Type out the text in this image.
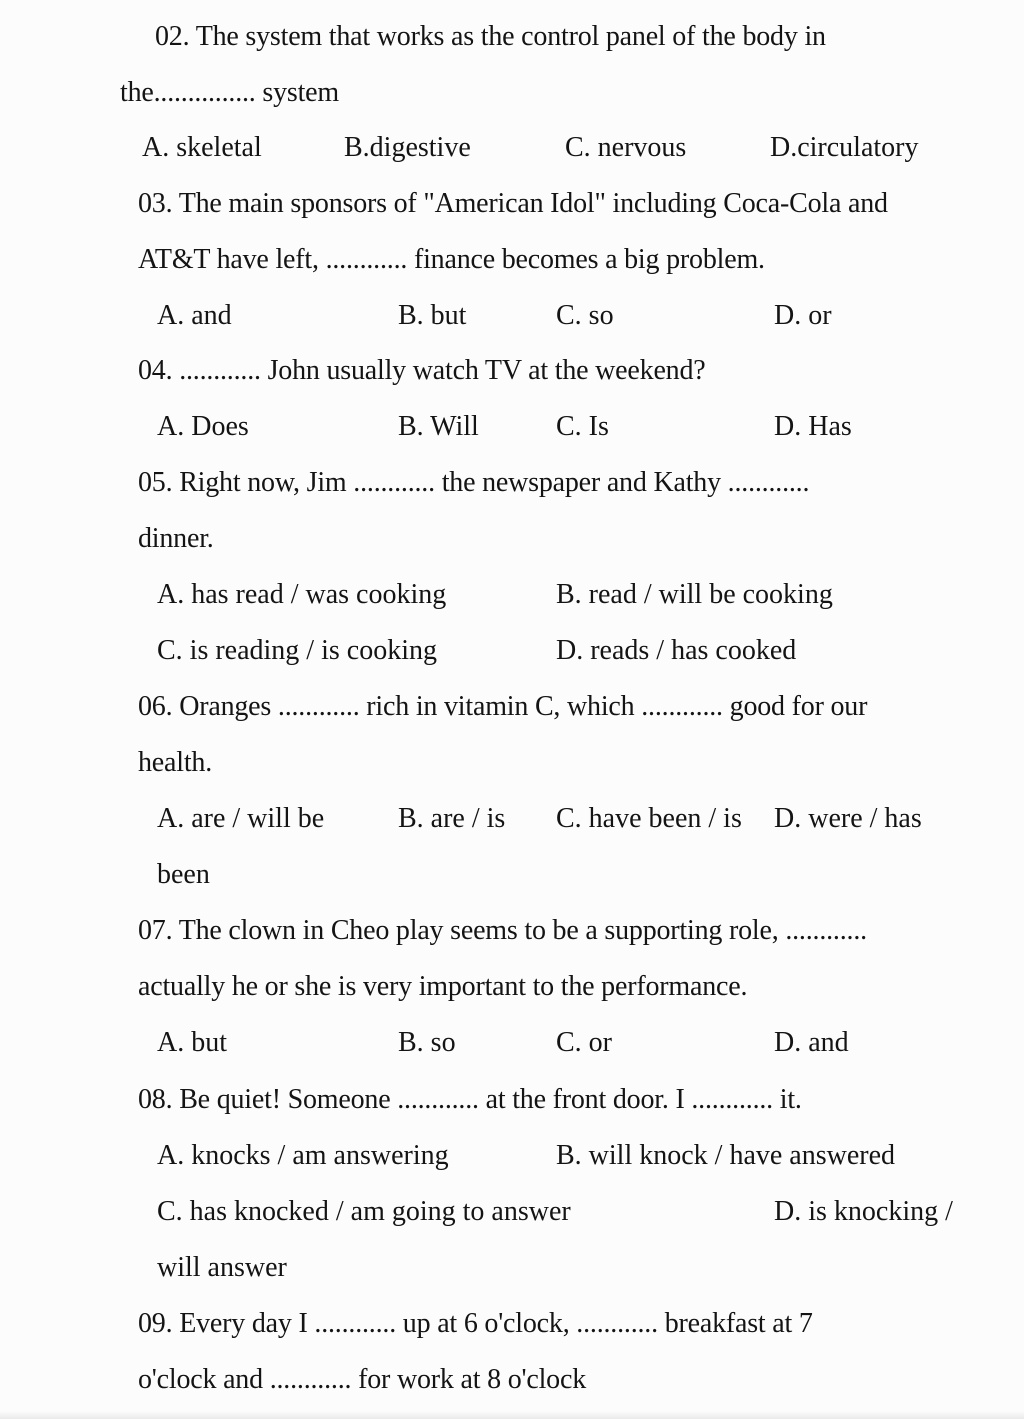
02. The system that works as the control panel of the body in
the............... system
A. skeletal	B.digestive	C. nervous	D.circulatory
03. The main sponsors of "American Idol" including Coca-Cola and
AT&T have left, ............ finance becomes a big problem.
A. and	B. but	C. so	D. or
04. ............ John usually watch TV at the weekend?
A. Does	B. Will	C. Is	D. Has
05. Right now, Jim ............ the newspaper and Kathy ............
dinner.
A. has read / was cooking	B. read / will be cooking
C. is reading / is cooking	D. reads / has cooked
06. Oranges ............ rich in vitamin C, which ............ good for our
health.
A. are / will be	B. are / is C. have been / is D. were / has
been
07. The clown in Cheo play seems to be a supporting role, ............
actually he or she is very important to the performance.
A. but	B. so	C. or	D. and
08. Be quiet! Someone ............ at the front door. I ............ it.
A. knocks / am answering	B. will knock / have answered
C. has knocked / am going to answer	D. is knocking /
will answer
09. Every day I ............ up at 6 o'clock, ............ breakfast at 7
o'clock and ............ for work at 8 o'clock
